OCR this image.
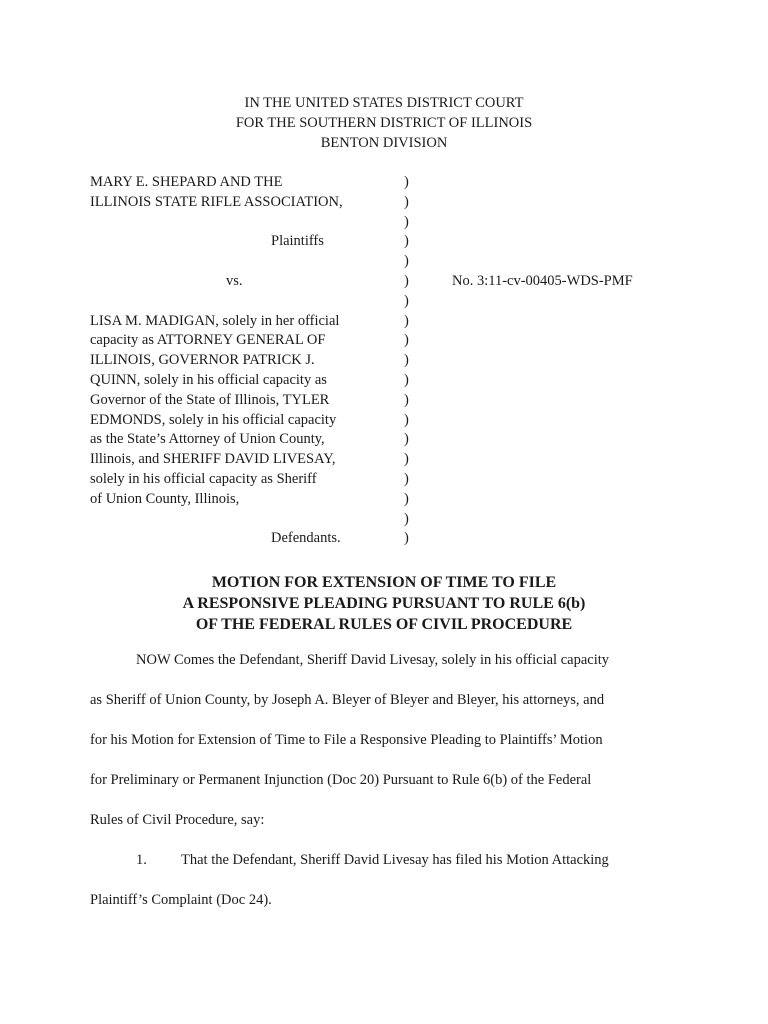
IN THE UNITED STATES DISTRICT COURT
FOR THE SOUTHERN DISTRICT OF ILLINOIS
BENTON DIVISION
MARY E. SHEPARD AND THE	)
ILLINOIS STATE RIFLE ASSOCIATION,	)
)
Plaintiffs	)
)
vs.	)	No. 3:11-cv-00405-WDS-PMF
)
LISA M. MADIGAN, solely in her official	)
capacity as ATTORNEY GENERAL OF	)
ILLINOIS, GOVERNOR PATRICK J.	)
QUINN, solely in his official capacity as	)
Governor of the State of Illinois, TYLER	)
EDMONDS, solely in his official capacity	)
as the State’s Attorney of Union County,	)
Illinois, and SHERIFF DAVID LIVESAY,	)
solely in his official capacity as Sheriff	)
of Union County, Illinois,	)
)
Defendants.	)
MOTION FOR EXTENSION OF TIME TO FILE
A RESPONSIVE PLEADING PURSUANT TO RULE 6(b)
OF THE FEDERAL RULES OF CIVIL PROCEDURE
NOW Comes the Defendant, Sheriff David Livesay, solely in his official capacity
as Sheriff of Union County, by Joseph A. Bleyer of Bleyer and Bleyer, his attorneys, and
for his Motion for Extension of Time to File a Responsive Pleading to Plaintiffs’ Motion
for Preliminary or Permanent Injunction (Doc 20) Pursuant to Rule 6(b) of the Federal
Rules of Civil Procedure, say:
1. That the Defendant, Sheriff David Livesay has filed his Motion Attacking
Plaintiff’s Complaint (Doc 24).
